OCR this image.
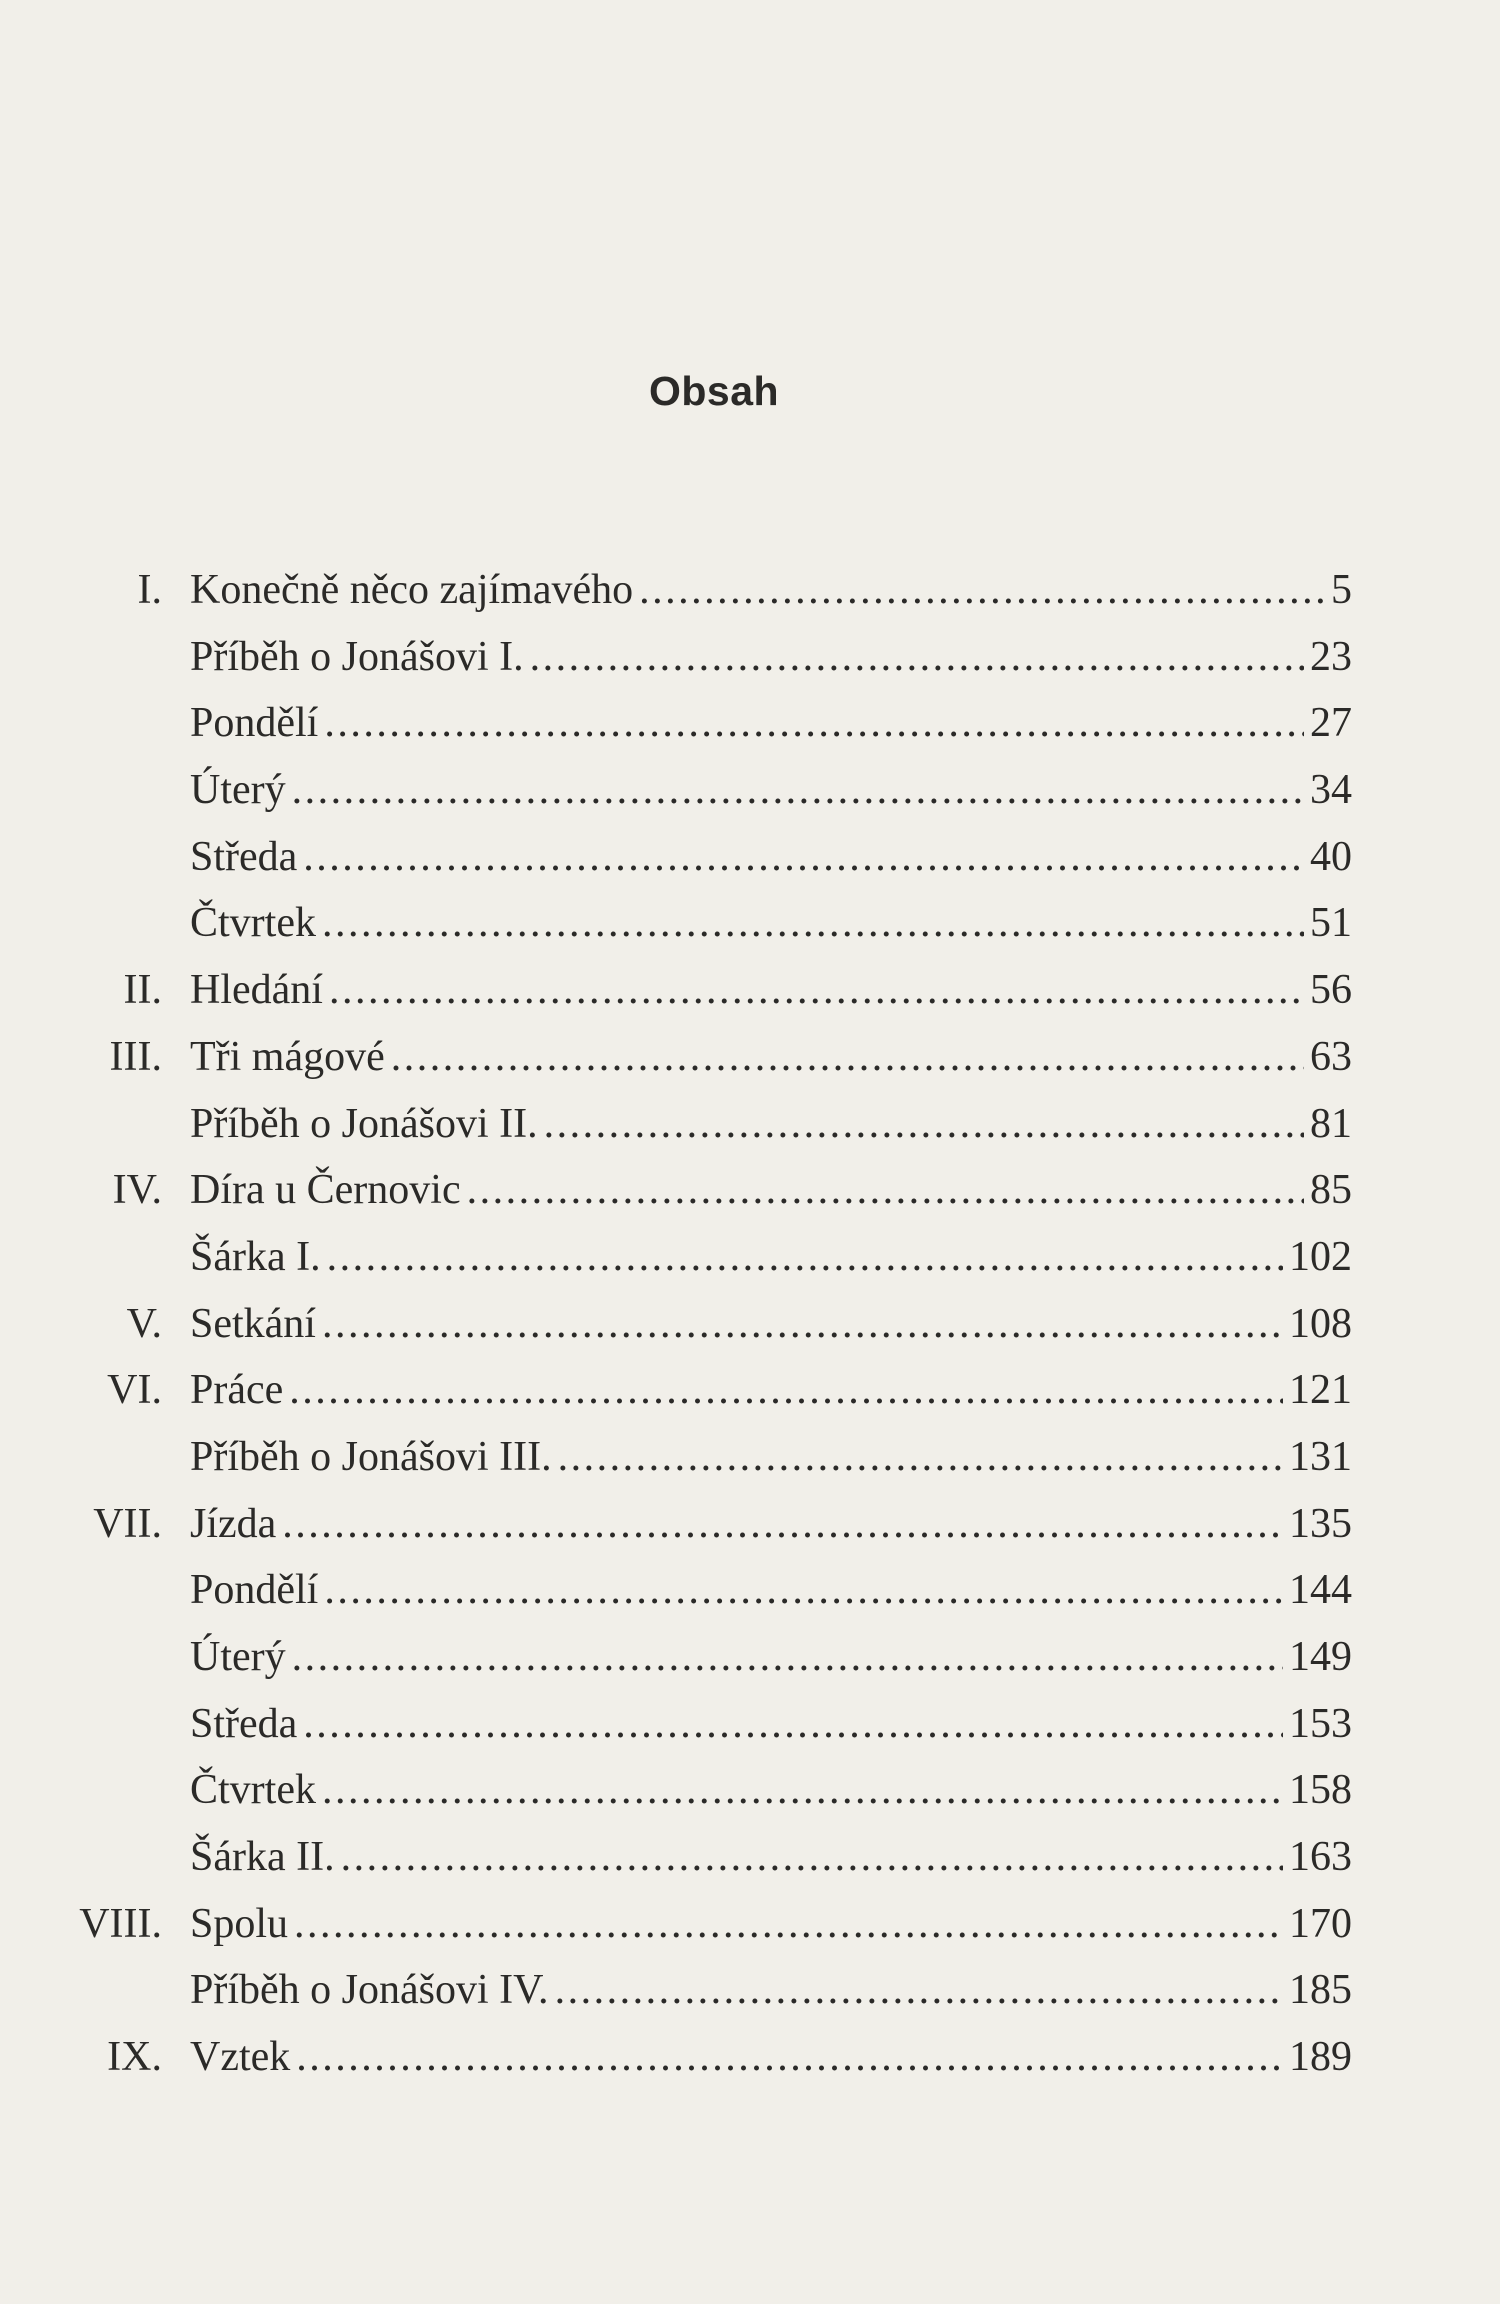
Obsah
I. Konečně něco zajímavého . . .	5
Příběh o Jonášovi I. . . .	23
Pondělí . . .	27
Úterý . . .	34
Středa . . .	40
Čtvrtek . . .	51
II. Hledání . . .	56
III. Tři mágové . . .	63
Příběh o Jonášovi II. . . .	81
IV. Díra u Černovic . . .	85
Šárka I. . . .	102
V. Setkání . . .	108
VI. Práce . . .	121
Příběh o Jonášovi III. . . .	131
VII. Jízda . . .	135
Pondělí . . .	144
Úterý . . .	149
Středa . . .	153
Čtvrtek . . .	158
Šárka II. . . .	163
VIII. Spolu . . .	170
Příběh o Jonášovi IV. . . .	185
IX. Vztek . . .	189
